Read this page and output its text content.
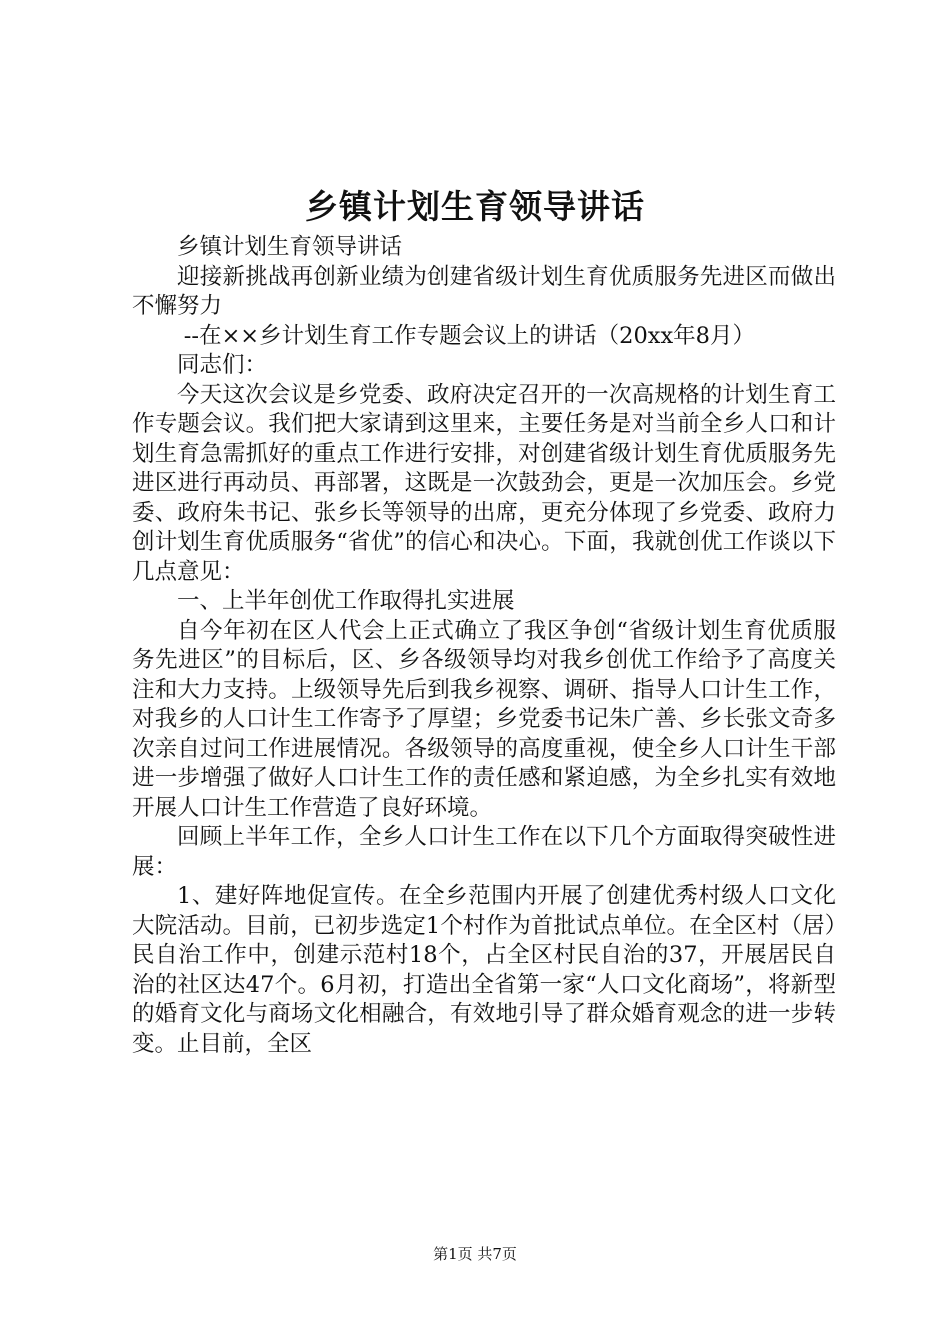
乡镇计划生育领导讲话

乡镇计划生育领导讲话

迎接新挑战再创新业绩为创建省级计划生育优质服务先进区而做出不懈努力

--在××乡计划生育工作专题会议上的讲话（20xx年8月）

同志们：

今天这次会议是乡党委、政府决定召开的一次高规格的计划生育工作专题会议。我们把大家请到这里来，主要任务是对当前全乡人口和计划生育急需抓好的重点工作进行安排，对创建省级计划生育优质服务先进区进行再动员、再部署，这既是一次鼓劲会，更是一次加压会。乡党委、政府朱书记、张乡长等领导的出席，更充分体现了乡党委、政府力创计划生育优质服务“省优”的信心和决心。下面，我就创优工作谈以下几点意见：

一、上半年创优工作取得扎实进展

自今年初在区人代会上正式确立了我区争创“省级计划生育优质服务先进区”的目标后，区、乡各级领导均对我乡创优工作给予了高度关注和大力支持。上级领导先后到我乡视察、调研、指导人口计生工作，对我乡的人口计生工作寄予了厚望；乡党委书记朱广善、乡长张文奇多次亲自过问工作进展情况。各级领导的高度重视，使全乡人口计生干部进一步增强了做好人口计生工作的责任感和紧迫感，为全乡扎实有效地开展人口计生工作营造了良好环境。

回顾上半年工作，全乡人口计生工作在以下几个方面取得突破性进展：

1、建好阵地促宣传。在全乡范围内开展了创建优秀村级人口文化大院活动。目前，已初步选定1个村作为首批试点单位。在全区村（居）民自治工作中，创建示范村18个，占全区村民自治的37，开展居民自治的社区达47个。6月初，打造出全省第一家“人口文化商场”，将新型的婚育文化与商场文化相融合，有效地引导了群众婚育观念的进一步转变。止目前，全区

第1页 共7页
